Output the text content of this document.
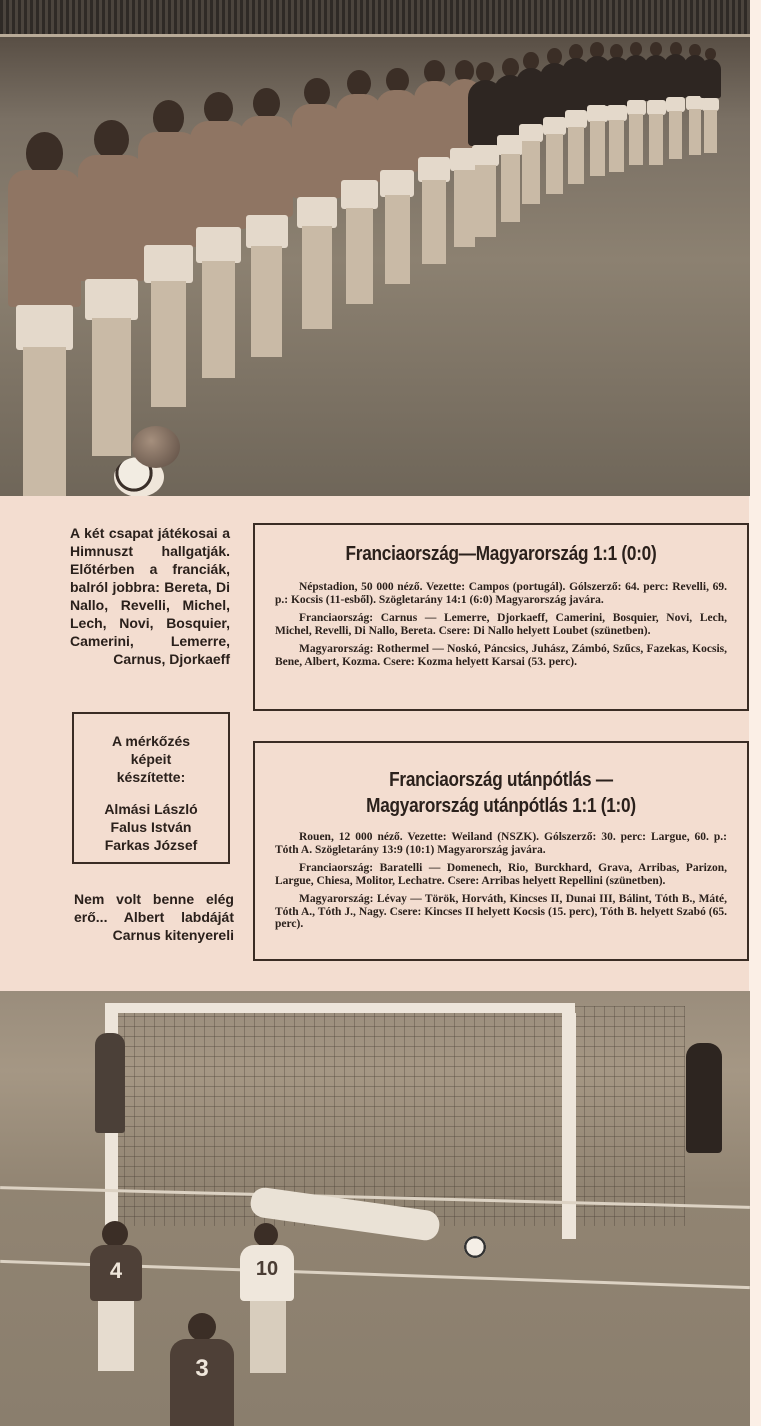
A két csapat játékosai a Himnuszt hallgatják. Előtérben a franciák, balról jobbra: Bereta, Di Nallo, Revelli, Michel, Lech, Novi, Bosquier, Camerini, Lemerre, Carnus, Djorkaeff
A mérkőzés
képeit
készítette:
Almási László
Falus István
Farkas József
Nem volt benne elég erő... Albert labdáját Carnus kitenyereli
Franciaország—Magyarország 1:1 (0:0)

Népstadion, 50 000 néző. Vezette: Campos (portugál). Gólszerző: 64. perc: Revelli, 69. p.: Kocsis (11-esből). Szögletarány 14:1 (6:0) Magyarország javára.

Franciaország: Carnus — Lemerre, Djorkaeff, Camerini, Bosquier, Novi, Lech, Michel, Revelli, Di Nallo, Bereta. Csere: Di Nallo helyett Loubet (szünetben).

Magyarország: Rothermel — Noskó, Páncsics, Juhász, Zámbó, Szűcs, Fazekas, Kocsis, Bene, Albert, Kozma. Csere: Kozma helyett Karsai (53. perc).

Franciaország utánpótlás —
Magyarország utánpótlás 1:1 (1:0)

Rouen, 12 000 néző. Vezette: Weiland (NSZK). Gólszerző: 30. perc: Largue, 60. p.: Tóth A. Szögletarány 13:9 (10:1) Magyarország javára.

Franciaország: Baratelli — Domenech, Rio, Burckhard, Grava, Arribas, Parizon, Largue, Chiesa, Molitor, Lechatre. Csere: Arribas helyett Repellini (szünetben).

Magyarország: Lévay — Török, Horváth, Kincses II, Dunai III, Bálint, Tóth B., Máté, Tóth A., Tóth J., Nagy. Csere: Kincses II helyett Kocsis (15. perc), Tóth B. helyett Szabó (65. perc).

4	10
3
